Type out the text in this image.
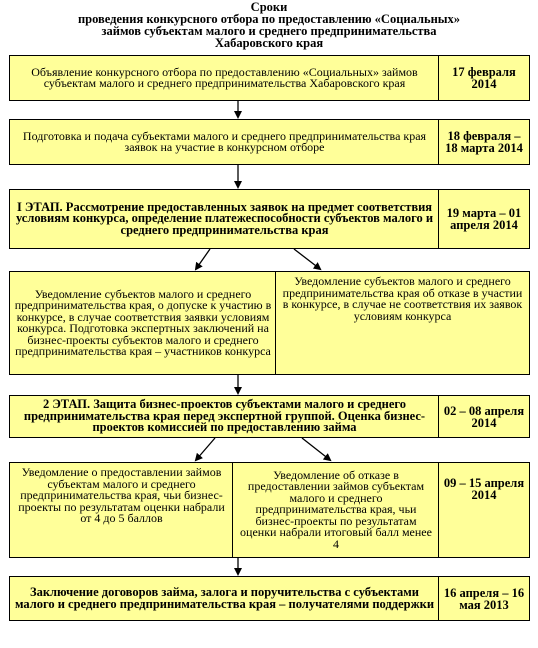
Сроки
проведения конкурсного отбора по предоставлению «Социальных»
займов субъектам малого и среднего предпринимательства
Хабаровского края
Объявление конкурсного отбора по предоставлению «Социальных» займов субъектам малого и среднего предпринимательства Хабаровского края
17 февраля 2014
Подготовка и подача субъектами малого и среднего предпринимательства края заявок на участие в конкурсном отборе
18 февраля – 18 марта 2014
I ЭТАП. Рассмотрение предоставленных заявок на предмет соответствия условиям конкурса, определение платежеспособности субъектов малого и среднего предпринимательства края
19 марта – 01 апреля 2014
Уведомление субъектов малого и среднего предпринимательства края, о допуске к участию в конкурсе, в случае соответствия заявки условиям конкурса. Подготовка экспертных заключений на бизнес-проекты субъектов малого и среднего предпринимательства края – участников конкурса
Уведомление субъектов малого и среднего предпринимательства края об отказе в участии в конкурсе, в случае не соответствия их заявок условиям конкурса
2 ЭТАП. Защита бизнес-проектов субъектами малого и среднего предпринимательства края перед экспертной группой. Оценка бизнес-проектов комиссией по предоставлению займа
02 – 08 апреля 2014
Уведомление о предоставлении займов субъектам малого и среднего предпринимательства края, чьи бизнес-проекты по результатам оценки набрали от 4 до 5 баллов
Уведомление об отказе в предоставлении займов субъектам малого и среднего предпринимательства края, чьи бизнес-проекты по результатам оценки набрали итоговый балл менее 4
09 – 15 апреля 2014
Заключение договоров займа, залога и поручительства с субъектами малого и среднего предпринимательства края – получателями поддержки
16 апреля – 16 мая 2013
